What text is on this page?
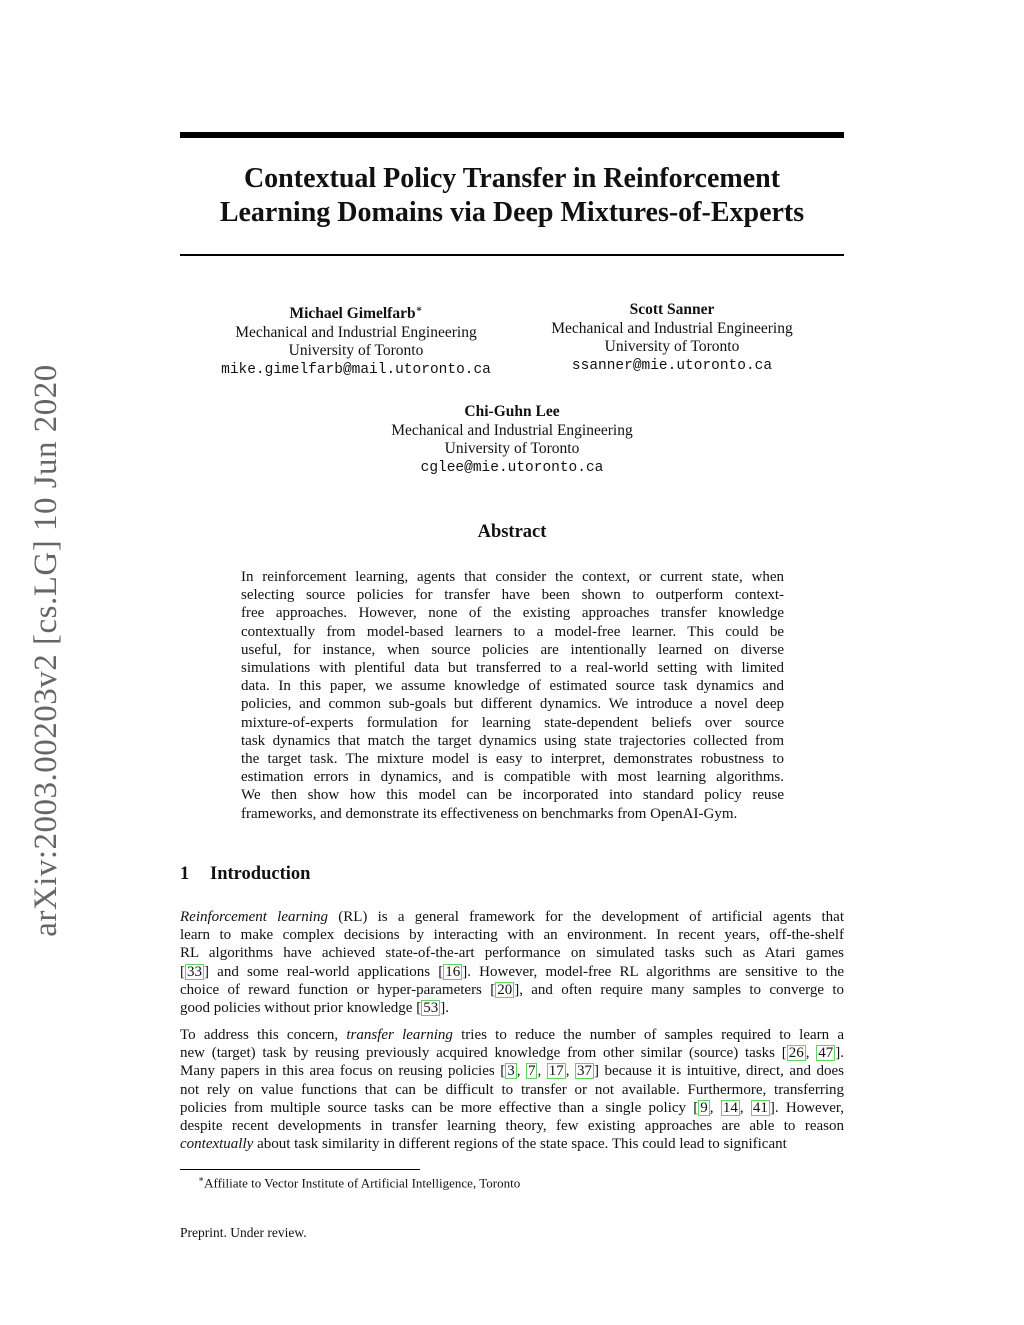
arXiv:2003.00203v2 [cs.LG] 10 Jun 2020
Contextual Policy Transfer in Reinforcement
Learning Domains via Deep Mixtures-of-Experts
Michael Gimelfarb∗
Mechanical and Industrial Engineering
University of Toronto
mike.gimelfarb@mail.utoronto.ca
Scott Sanner
Mechanical and Industrial Engineering
University of Toronto
ssanner@mie.utoronto.ca
Chi-Guhn Lee
Mechanical and Industrial Engineering
University of Toronto
cglee@mie.utoronto.ca
Abstract
In reinforcement learning, agents that consider the context, or current state, when
selecting source policies for transfer have been shown to outperform context-
free approaches. However, none of the existing approaches transfer knowledge
contextually from model-based learners to a model-free learner. This could be
useful, for instance, when source policies are intentionally learned on diverse
simulations with plentiful data but transferred to a real-world setting with limited
data. In this paper, we assume knowledge of estimated source task dynamics and
policies, and common sub-goals but different dynamics. We introduce a novel deep
mixture-of-experts formulation for learning state-dependent beliefs over source
task dynamics that match the target dynamics using state trajectories collected from
the target task. The mixture model is easy to interpret, demonstrates robustness to
estimation errors in dynamics, and is compatible with most learning algorithms.
We then show how this model can be incorporated into standard policy reuse
frameworks, and demonstrate its effectiveness on benchmarks from OpenAI-Gym.
1 Introduction
Reinforcement learning (RL) is a general framework for the development of artificial agents that
learn to make complex decisions by interacting with an environment. In recent years, off-the-shelf
RL algorithms have achieved state-of-the-art performance on simulated tasks such as Atari games
[ 33 ] and some real-world applications [ 16 ]. However, model-free RL algorithms are sensitive to the
choice of reward function or hyper-parameters [ 20 ], and often require many samples to converge to
good policies without prior knowledge [ 53 ].
To address this concern, transfer learning tries to reduce the number of samples required to learn a
new (target) task by reusing previously acquired knowledge from other similar (source) tasks [ 26 , 47 ].
Many papers in this area focus on reusing policies [ 3 , 7 , 17 , 37 ] because it is intuitive, direct, and does
not rely on value functions that can be difficult to transfer or not available. Furthermore, transferring
policies from multiple source tasks can be more effective than a single policy [ 9 , 14 , 41 ]. However,
despite recent developments in transfer learning theory, few existing approaches are able to reason
contextually about task similarity in different regions of the state space. This could lead to significant
∗Affiliate to Vector Institute of Artificial Intelligence, Toronto
Preprint. Under review.
